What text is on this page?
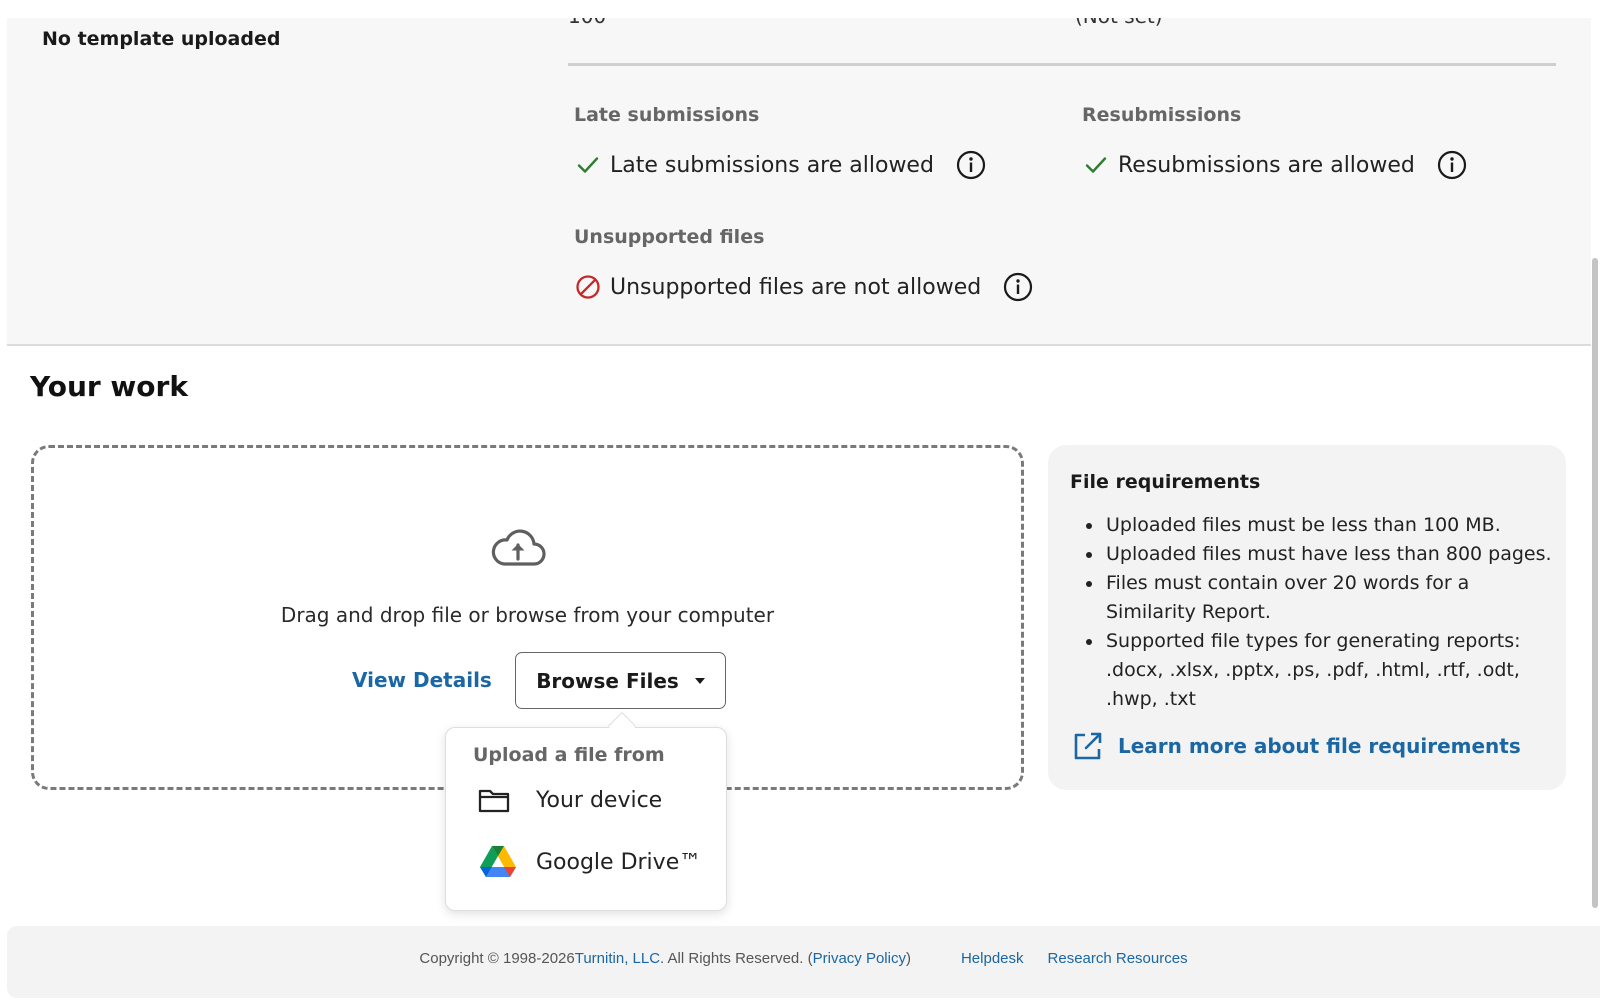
No template uploaded
Late submissions
Late submissions are allowed
Resubmissions
Resubmissions are allowed
Unsupported files
Unsupported files are not allowed
Your work
Drag and drop file or browse from your computer
View Details Browse Files
Upload a file from
Your device
Google Drive™
File requirements
Uploaded files must be less than 100 MB.
Uploaded files must have less than 800 pages.
Files must contain over 20 words for a Similarity Report.
Supported file types for generating reports: .docx, .xlsx, .pptx, .ps, .pdf, .html, .rtf, .odt, .hwp, .txt
Learn more about file requirements
Copyright © 1998-2026 Turnitin, LLC . All Rights Reserved. ( Privacy Policy )	Helpdesk Research Resources
